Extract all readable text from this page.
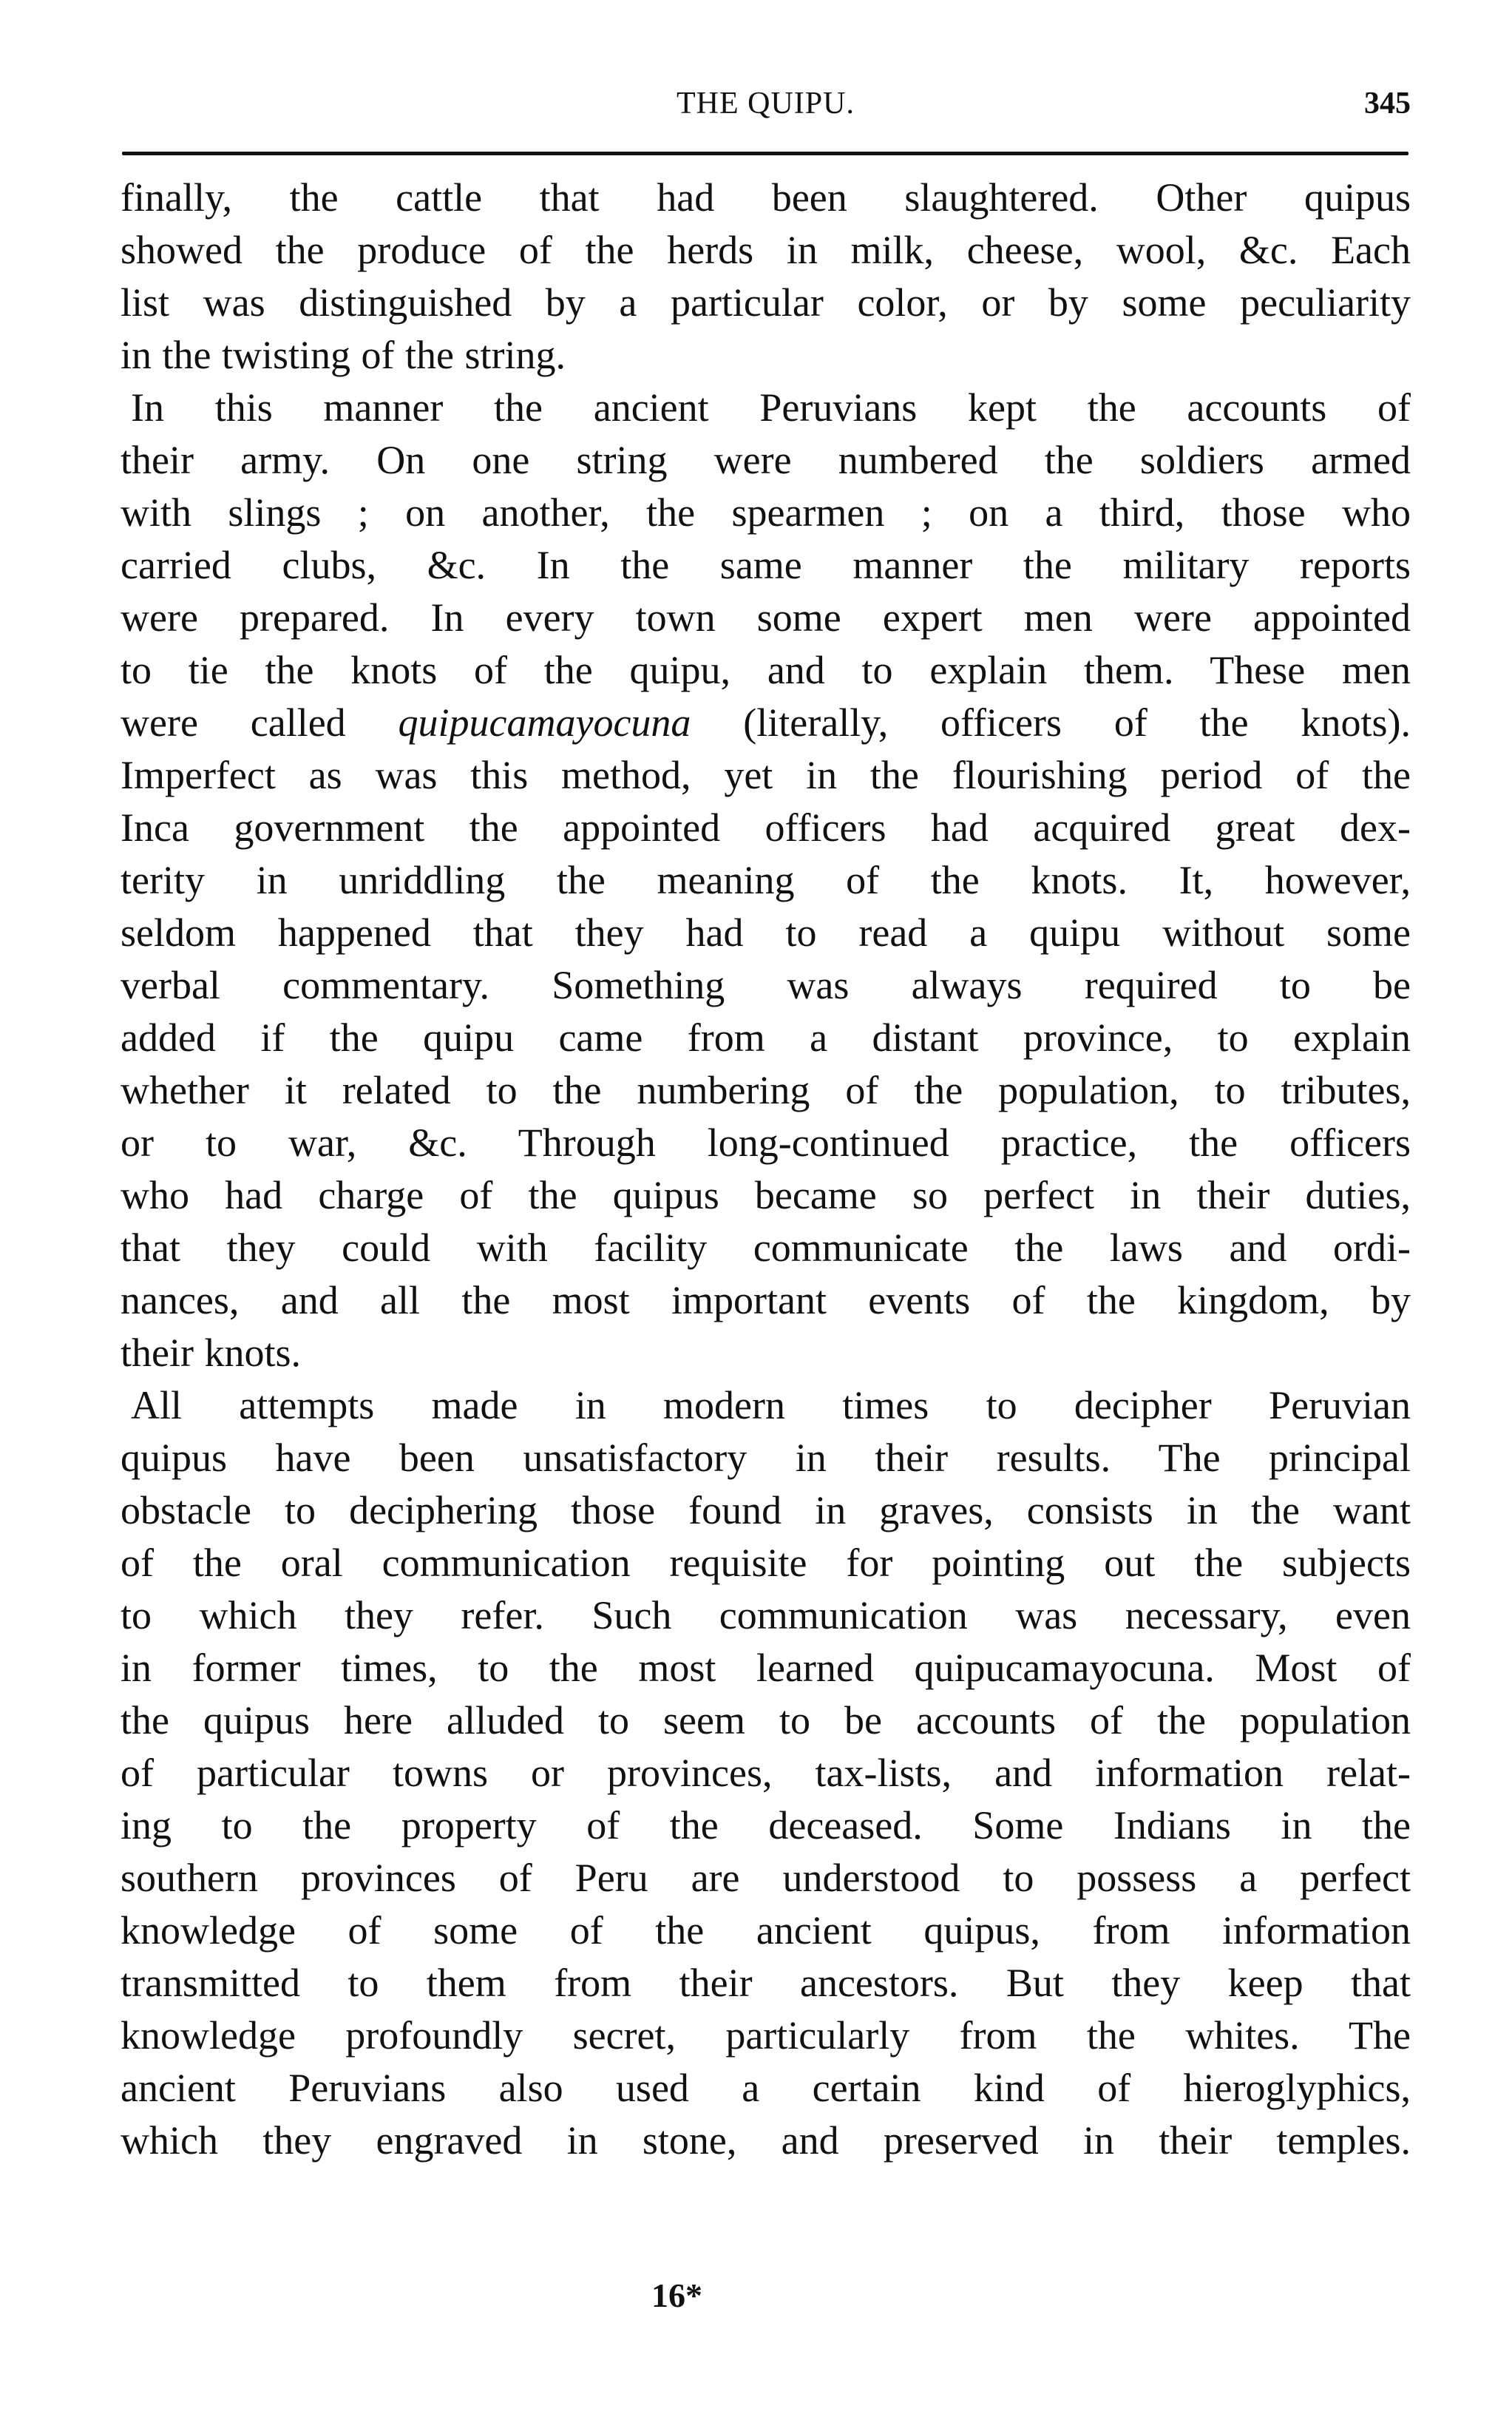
THE QUIPU.	345
finally, the cattle that had been slaughtered. Other quipus
showed the produce of the herds in milk, cheese, wool, &c. Each
list was distinguished by a particular color, or by some peculiarity
in the twisting of the string.
In this manner the ancient Peruvians kept the accounts of
their army. On one string were numbered the soldiers armed
with slings ; on another, the spearmen ; on a third, those who
carried clubs, &c. In the same manner the military reports
were prepared. In every town some expert men were appointed
to tie the knots of the quipu, and to explain them. These men
were called quipucamayocuna (literally, officers of the knots).
Imperfect as was this method, yet in the flourishing period of the
Inca government the appointed officers had acquired great dex-
terity in unriddling the meaning of the knots. It, however,
seldom happened that they had to read a quipu without some
verbal commentary. Something was always required to be
added if the quipu came from a distant province, to explain
whether it related to the numbering of the population, to tributes,
or to war, &c. Through long-continued practice, the officers
who had charge of the quipus became so perfect in their duties,
that they could with facility communicate the laws and ordi-
nances, and all the most important events of the kingdom, by
their knots.
All attempts made in modern times to decipher Peruvian
quipus have been unsatisfactory in their results. The principal
obstacle to deciphering those found in graves, consists in the want
of the oral communication requisite for pointing out the subjects
to which they refer. Such communication was necessary, even
in former times, to the most learned quipucamayocuna. Most of
the quipus here alluded to seem to be accounts of the population
of particular towns or provinces, tax-lists, and information relat-
ing to the property of the deceased. Some Indians in the
southern provinces of Peru are understood to possess a perfect
knowledge of some of the ancient quipus, from information
transmitted to them from their ancestors. But they keep that
knowledge profoundly secret, particularly from the whites. The
ancient Peruvians also used a certain kind of hieroglyphics,
which they engraved in stone, and preserved in their temples.
16*
